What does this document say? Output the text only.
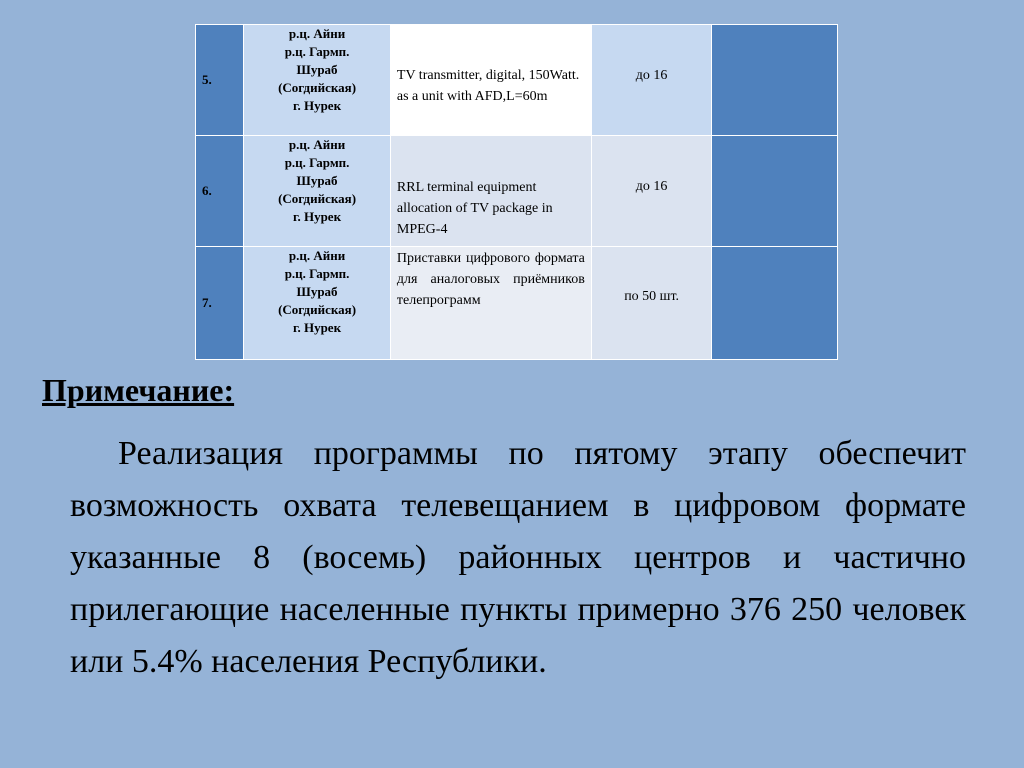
5.	р.ц. Айни
р.ц. Гармп.
Шураб
(Согдийская)
г. Нурек	TV transmitter, digital, 150Watt. as a unit with AFD,L=60m	до 16	

6.	р.ц. Айни
р.ц. Гармп.
Шураб
(Согдийская)
г. Нурек	RRL terminal equipment allocation of TV package in MPEG-4	до 16	

7.	р.ц. Айни
р.ц. Гармп.
Шураб
(Согдийская)
г. Нурек	Приставки цифрового формата для аналоговых приёмников телепрограмм	по 50 шт.	

Примечание:

Реализация программы по пятому этапу обеспечит возможность охвата телевещанием в цифровом формате указанные 8 (восемь) районных центров и частично прилегающие населенные пункты примерно 376 250 человек или 5.4% населения Республики.
